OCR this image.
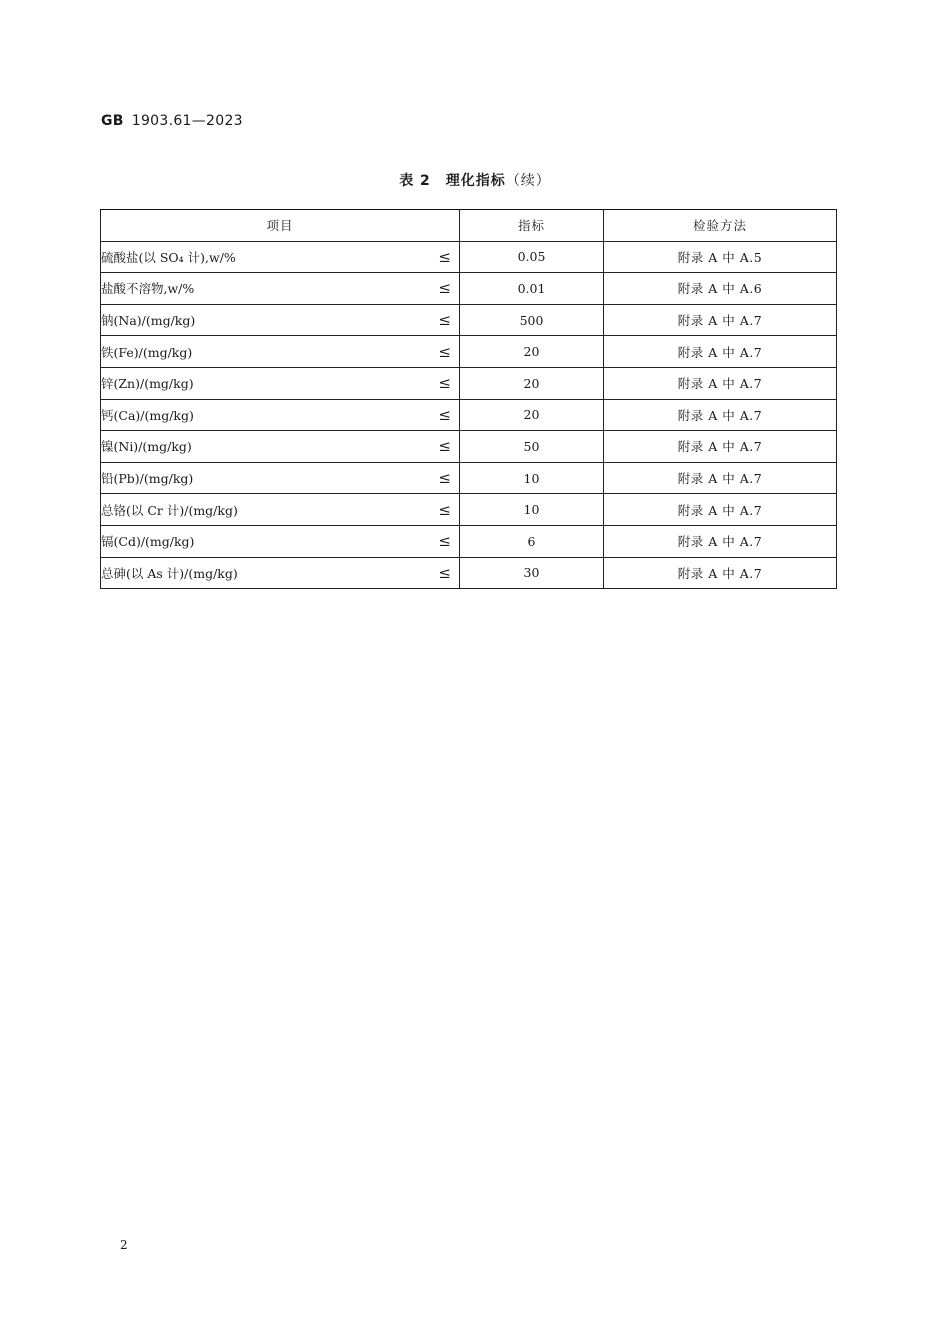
GB 1903.61—2023
表 2　理化指标（续）
项目	指标	检验方法

硫酸盐(以 SO₄ 计),w/% ≤	0.05	附录 A 中 A.5

盐酸不溶物,w/% ≤	0.01	附录 A 中 A.6

钠(Na)/(mg/kg) ≤	500	附录 A 中 A.7

铁(Fe)/(mg/kg) ≤	20	附录 A 中 A.7

锌(Zn)/(mg/kg) ≤	20	附录 A 中 A.7

钙(Ca)/(mg/kg) ≤	20	附录 A 中 A.7

镍(Ni)/(mg/kg) ≤	50	附录 A 中 A.7

铅(Pb)/(mg/kg) ≤	10	附录 A 中 A.7

总铬(以 Cr 计)/(mg/kg) ≤	10	附录 A 中 A.7

镉(Cd)/(mg/kg) ≤	6	附录 A 中 A.7

总砷(以 As 计)/(mg/kg) ≤	30	附录 A 中 A.7
2
